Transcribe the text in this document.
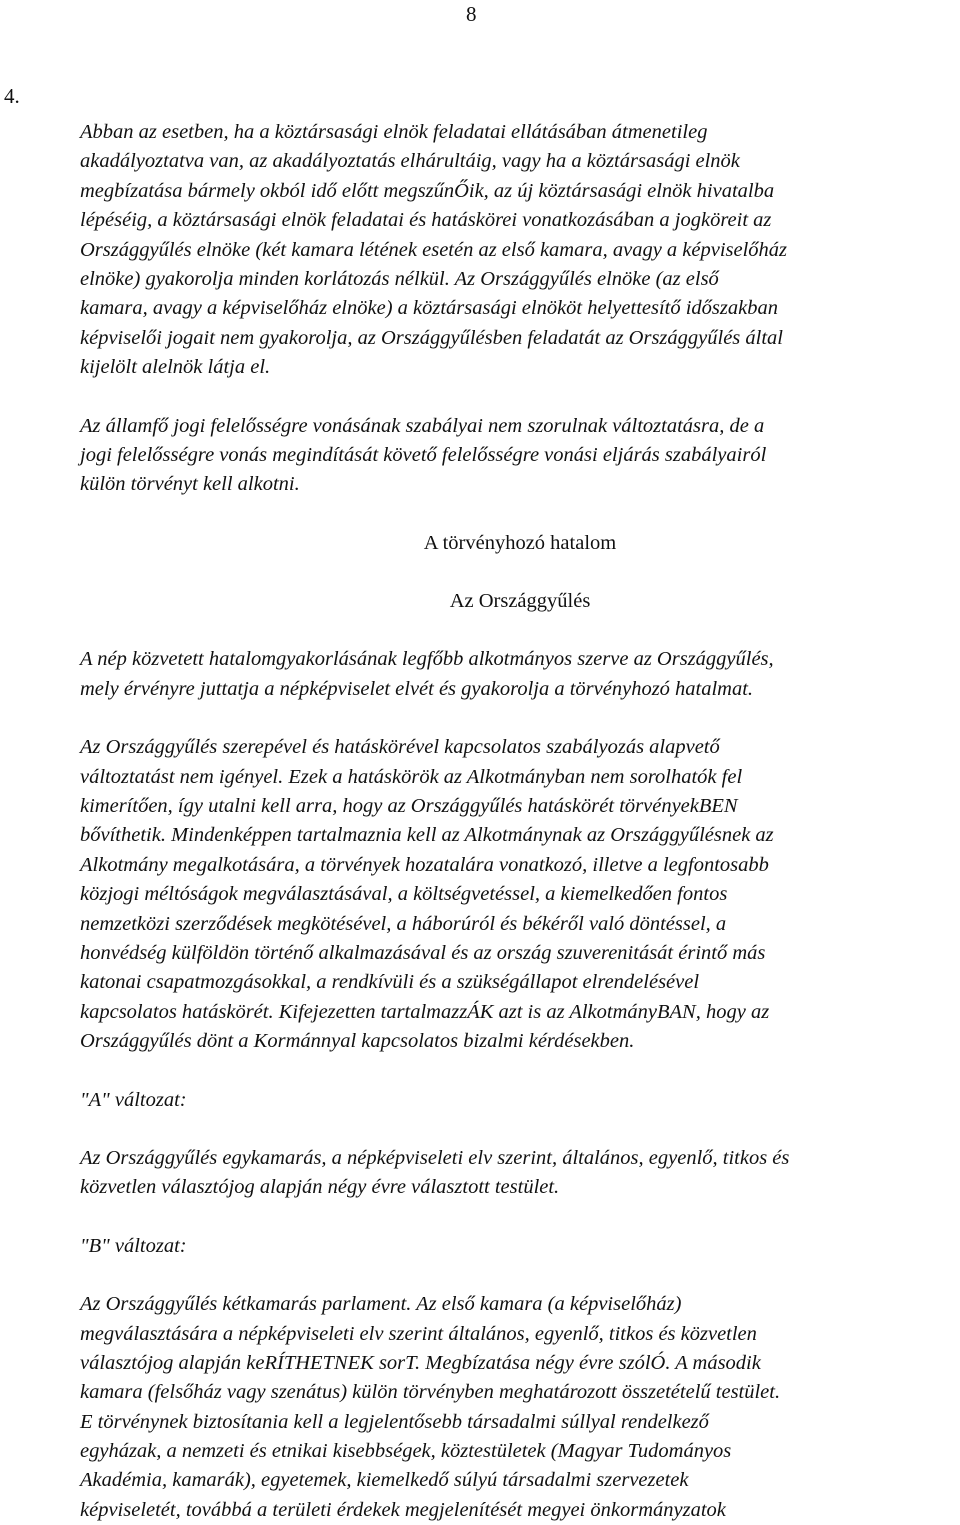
8
4.
Abban az esetben, ha a köztársasági elnök feladatai ellátásában átmenetileg
akadályoztatva van, az akadályoztatás elhárultáig, vagy ha a köztársasági elnök
megbízatása bármely okból idő előtt megszűnŐik, az új köztársasági elnök hivatalba
lépéséig, a köztársasági elnök feladatai és hatáskörei vonatkozásában a jogköreit az
Országgyűlés elnöke (két kamara létének esetén az első kamara, avagy a képviselőház
elnöke) gyakorolja minden korlátozás nélkül. Az Országgyűlés elnöke (az első
kamara, avagy a képviselőház elnöke) a köztársasági elnököt helyettesítő időszakban
képviselői jogait nem gyakorolja, az Országgyűlésben feladatát az Országgyűlés által
kijelölt alelnök látja el.
Az államfő jogi felelősségre vonásának szabályai nem szorulnak változtatásra, de a
jogi felelősségre vonás megindítását követő felelősségre vonási eljárás szabályairól
külön törvényt kell alkotni.
A törvényhozó hatalom
Az Országgyűlés
A nép közvetett hatalomgyakorlásának legfőbb alkotmányos szerve az Országgyűlés,
mely érvényre juttatja a népképviselet elvét és gyakorolja a törvényhozó hatalmat.
Az Országgyűlés szerepével és hatáskörével kapcsolatos szabályozás alapvető
változtatást nem igényel. Ezek a hatáskörök az Alkotmányban nem sorolhatók fel
kimerítően, így utalni kell arra, hogy az Országgyűlés hatáskörét törvényekBEN
bővíthetik. Mindenképpen tartalmaznia kell az Alkotmánynak az Országgyűlésnek az
Alkotmány megalkotására, a törvények hozatalára vonatkozó, illetve a legfontosabb
közjogi méltóságok megválasztásával, a költségvetéssel, a kiemelkedően fontos
nemzetközi szerződések megkötésével, a háborúról és békéről való döntéssel, a
honvédség külföldön történő alkalmazásával és az ország szuverenitását érintő más
katonai csapatmozgásokkal, a rendkívüli és a szükségállapot elrendelésével
kapcsolatos hatáskörét. Kifejezetten tartalmazzÁK azt is az AlkotmányBAN, hogy az
Országgyűlés dönt a Kormánnyal kapcsolatos bizalmi kérdésekben.
"A" változat:
Az Országgyűlés egykamarás, a népképviseleti elv szerint, általános, egyenlő, titkos és
közvetlen választójog alapján négy évre választott testület.
"B" változat:
Az Országgyűlés kétkamarás parlament. Az első kamara (a képviselőház)
megválasztására a népképviseleti elv szerint általános, egyenlő, titkos és közvetlen
választójog alapján keRÍTHETNEK sorT. Megbízatása négy évre szólÓ. A második
kamara (felsőház vagy szenátus) külön törvényben meghatározott összetételű testület.
E törvénynek biztosítania kell a legjelentősebb társadalmi súllyal rendelkező
egyházak, a nemzeti és etnikai kisebbségek, köztestületek (Magyar Tudományos
Akadémia, kamarák), egyetemek, kiemelkedő súlyú társadalmi szervezetek
képviseletét, továbbá a területi érdekek megjelenítését megyei önkormányzatok
